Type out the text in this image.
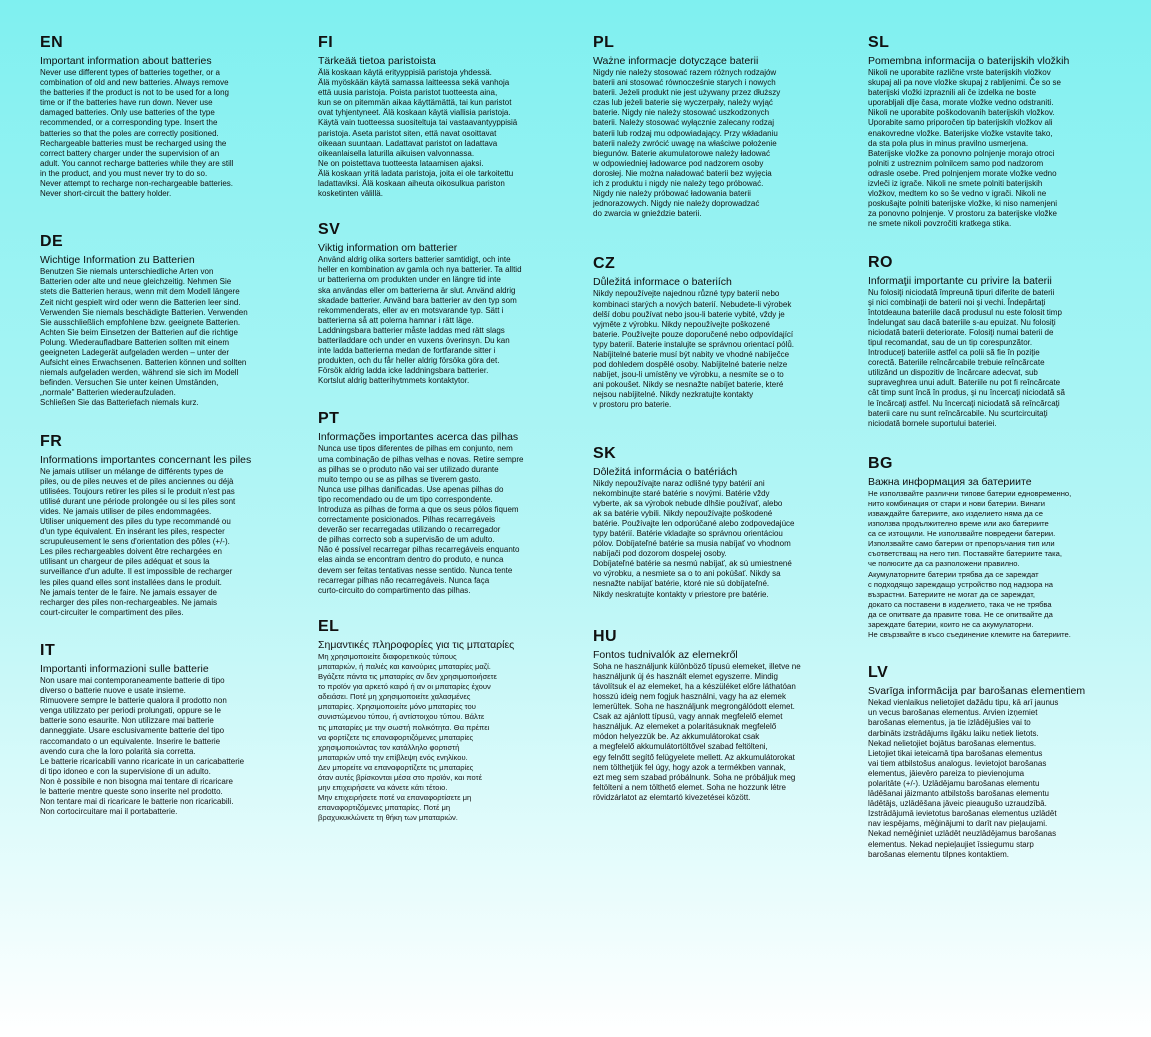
EN
Important information about batteries

Never use different types of batteries together, or a
combination of old and new batteries. Always remove
the batteries if the product is not to be used for a long
time or if the batteries have run down. Never use
damaged batteries. Only use batteries of the type
recommended, or a corresponding type. Insert the
batteries so that the poles are correctly positioned.
Rechargeable batteries must be recharged using the
correct battery charger under the supervision of an
adult. You cannot recharge batteries while they are still
in the product, and you must never try to do so.
Never attempt to recharge non-rechargeable batteries.
Never short-circuit the battery holder.

DE
Wichtige Information zu Batterien

Benutzen Sie niemals unterschiedliche Arten von
Batterien oder alte und neue gleichzeitig. Nehmen Sie
stets die Batterien heraus, wenn mit dem Modell längere
Zeit nicht gespielt wird oder wenn die Batterien leer sind.
Verwenden Sie niemals beschädigte Batterien. Verwenden
Sie ausschließlich empfohlene bzw. geeignete Batterien.
Achten Sie beim Einsetzen der Batterien auf die richtige
Polung. Wiederaufladbare Batterien sollten mit einem
geeigneten Ladegerät aufgeladen werden – unter der
Aufsicht eines Erwachsenen. Batterien können und sollten
niemals aufgeladen werden, während sie sich im Modell
befinden. Versuchen Sie unter keinen Umständen,
„normale" Batterien wiederaufzuladen.
Schließen Sie das Batteriefach niemals kurz.

FR
Informations importantes concernant les piles

Ne jamais utiliser un mélange de différents types de
piles, ou de piles neuves et de piles anciennes ou déjà
utilisées. Toujours retirer les piles si le produit n'est pas
utilisé durant une période prolongée ou si les piles sont
vides. Ne jamais utiliser de piles endommagées.
Utiliser uniquement des piles du type recommandé ou
d'un type équivalent. En insérant les piles, respecter
scrupuleusement le sens d'orientation des pôles (+/-).
Les piles rechargeables doivent être rechargées en
utilisant un chargeur de piles adéquat et sous la
surveillance d'un adulte. Il est impossible de recharger
les piles quand elles sont installées dans le produit.
Ne jamais tenter de le faire. Ne jamais essayer de
recharger des piles non-rechargeables. Ne jamais
court-circuiter le compartiment des piles.

IT
Importanti informazioni sulle batterie

Non usare mai contemporaneamente batterie di tipo
diverso o batterie nuove e usate insieme.
Rimuovere sempre le batterie qualora il prodotto non
venga utilizzato per periodi prolungati, oppure se le
batterie sono esaurite. Non utilizzare mai batterie
danneggiate. Usare esclusivamente batterie del tipo
raccomandato o un equivalente. Inserire le batterie
avendo cura che la loro polarità sia corretta.
Le batterie ricaricabili vanno ricaricate in un caricabatterie
di tipo idoneo e con la supervisione di un adulto.
Non è possibile e non bisogna mai tentare di ricaricare
le batterie mentre queste sono inserite nel prodotto.
Non tentare mai di ricaricare le batterie non ricaricabili.
Non cortocircuitare mai il portabatterie.

FI
Tärkeää tietoa paristoista

Älä koskaan käytä erityyppisiä paristoja yhdessä.
Älä myöskään käytä samassa laitteessa sekä vanhoja
että uusia paristoja. Poista paristot tuotteesta aina,
kun se on pitemmän aikaa käyttämättä, tai kun paristot
ovat tyhjentyneet. Älä koskaan käytä viallisia paristoja.
Käytä vain tuotteessa suositeltuja tai vastaavantyyppisiä
paristoja. Aseta paristot siten, että navat osoittavat
oikeaan suuntaan. Ladattavat paristot on ladattava
oikeanlaisella laturilla aikuisen valvonnassa.
Ne on poistettava tuotteesta lataamisen ajaksi.
Älä koskaan yritä ladata paristoja, joita ei ole tarkoitettu
ladattaviksi. Älä koskaan aiheuta oikosulkua pariston
kosketinten välillä.

SV
Viktig information om batterier

Använd aldrig olika sorters batterier samtidigt, och inte
heller en kombination av gamla och nya batterier. Ta alltid
ur batterierna om produkten under en längre tid inte
ska användas eller om batterierna är slut. Använd aldrig
skadade batterier. Använd bara batterier av den typ som
rekommenderats, eller av en motsvarande typ. Sätt i
batterierna så att polerna hamnar i rätt läge.
Laddningsbara batterier måste laddas med rätt slags
batteriladdare och under en vuxens överinsyn. Du kan
inte ladda batterierna medan de fortfarande sitter i
produkten, och du får heller aldrig försöka göra det.
Försök aldrig ladda icke laddningsbara batterier.
Kortslut aldrig batterihytmmets kontaktytor.

PT
Informações importantes acerca das pilhas

Nunca use tipos diferentes de pilhas em conjunto, nem
uma combinação de pilhas velhas e novas. Retire sempre
as pilhas se o produto não vai ser utilizado durante
muito tempo ou se as pilhas se tiverem gasto.
Nunca use pilhas danificadas. Use apenas pilhas do
tipo recomendado ou de um tipo correspondente.
Introduza as pilhas de forma a que os seus pólos fiquem
correctamente posicionados. Pilhas recarregáveis
deverão ser recarregadas utilizando o recarregador
de pilhas correcto sob a supervisão de um adulto.
Não é possível recarregar pilhas recarregáveis enquanto
elas ainda se encontram dentro do produto, e nunca
devem ser feitas tentativas nesse sentido. Nunca tente
recarregar pilhas não recarregáveis. Nunca faça
curto-circuito do compartimento das pilhas.

EL
Σημαντικές πληροφορίες για τις μπαταρίες

Μη χρησιμοποιείτε διαφορετικούς τύπους
μπαταριών, ή παλιές και καινούριες μπαταρίες μαζί.
Βγάζετε πάντα τις μπαταρίες αν δεν χρησιμοποιήσετε
το προϊόν για αρκετό καιρό ή αν οι μπαταρίες έχουν
αδειάσει. Ποτέ μη χρησιμοποιείτε χαλασμένες
μπαταρίες. Χρησιμοποιείτε μόνο μπαταρίες του
συνιστώμενου τύπου, ή αντίστοιχου τύπου. Βάλτε
τις μπαταρίες με την σωστή πολικότητα. Θα πρέπει
να φορτίζετε τις επαναφορτιζόμενες μπαταρίες
χρησιμοποιώντας τον κατάλληλο φορτιστή
μπαταριών υπό την επίβλεψη ενός ενηλίκου.
Δεν μπορείτε να επαναφορτίζετε τις μπαταρίες
όταν αυτές βρίσκονται μέσα στο προϊόν, και ποτέ
μην επιχειρήσετε να κάνετε κάτι τέτοιο.
Μην επιχειρήσετε ποτέ να επαναφορτίσετε μη
επαναφορτιζόμενες μπαταρίες. Ποτέ μη
βραχυκυκλώνετε τη θήκη των μπαταριών.

PL
Ważne informacje dotyczące baterii

Nigdy nie należy stosować razem różnych rodzajów
baterii ani stosować równocześnie starych i nowych
baterii. Jeżeli produkt nie jest używany przez dłuższy
czas lub jeżeli baterie się wyczerpały, należy wyjąć
baterie. Nigdy nie należy stosować uszkodzonych
baterii. Należy stosować wyłącznie zalecany rodzaj
baterii lub rodzaj mu odpowiadający. Przy wkładaniu
baterii należy zwrócić uwagę na właściwe położenie
biegunów. Baterie akumulatorowe należy ładować
w odpowiedniej ładowarce pod nadzorem osoby
dorosłej. Nie można naładować baterii bez wyjęcia
ich z produktu i nigdy nie należy tego próbować.
Nigdy nie należy próbować ładowania baterii
jednorazowych. Nigdy nie należy doprowadzać
do zwarcia w gnieździe baterii.

CZ
Důležitá informace o bateriích

Nikdy nepoužívejte najednou různé typy baterií nebo
kombinaci starých a nových baterií. Nebudete-li výrobek
delší dobu používat nebo jsou-li baterie vybité, vždy je
vyjměte z výrobku. Nikdy nepoužívejte poškozené
baterie. Používejte pouze doporučené nebo odpovídající
typy baterií. Baterie instalujte se správnou orientací pólů.
Nabíjitelné baterie musí být nabity ve vhodné nabíječce
pod dohledem dospělé osoby. Nabíjitelné baterie nelze
nabíjet, jsou-li umístěny ve výrobku, a nesmíte se o to
ani pokoušet. Nikdy se nesnažte nabíjet baterie, které
nejsou nabíjitelné. Nikdy nezkratujte kontakty
v prostoru pro baterie.

SK
Dôležitá informácia o batériách

Nikdy nepoužívajte naraz odlišné typy batérií ani
nekombinujte staré batérie s novými. Batérie vždy
vyberte, ak sa výrobok nebude dlhšie používať, alebo
ak sa batérie vybili. Nikdy nepoužívajte poškodené
batérie. Používajte len odporúčané alebo zodpovedajúce
typy batérií. Batérie vkladajte so správnou orientáciou
pólov. Dobíjateľné batérie sa musia nabíjať vo vhodnom
nabíjači pod dozorom dospelej osoby.
Dobíjateľné batérie sa nesmú nabíjať, ak sú umiestnené
vo výrobku, a nesmiete sa o to ani pokúšať. Nikdy sa
nesnažte nabíjať batérie, ktoré nie sú dobíjateľné.
Nikdy neskratujte kontakty v priestore pre batérie.

HU
Fontos tudnivalók az elemekről

Soha ne használjunk különböző típusú elemeket, illetve ne
használjunk új és használt elemet egyszerre. Mindig
távolítsuk el az elemeket, ha a készüléket előre láthatóan
hosszú ideig nem fogjuk használni, vagy ha az elemek
lemerültek. Soha ne használjunk megrongálódott elemet.
Csak az ajánlott típusú, vagy annak megfelelő elemet
használjuk. Az elemeket a polaritásuknak megfelelő
módon helyezzük be. Az akkumulátorokat csak
a megfelelő akkumulátortöltővel szabad feltölteni,
egy felnőtt segítő felügyelete mellett. Az akkumulátorokat
nem tölthetjük fel úgy, hogy azok a termékben vannak,
ezt meg sem szabad próbálnunk. Soha ne próbáljuk meg
feltölteni a nem tölthető elemet. Soha ne hozzunk létre
rövidzárlatot az elemtartó kivezetései között.

SL
Pomembna informacija o baterijskih vložkih

Nikoli ne uporabite različne vrste baterijskih vložkov
skupaj ali pa nove vložke skupaj z rabljenimi. Če so se
baterijski vložki izpraznili ali če izdelka ne boste
uporabljali dlje časa, morate vložke vedno odstraniti.
Nikoli ne uporabite poškodovanih baterijskih vložkov.
Uporabite samo priporočen tip baterijskih vložkov ali
enakovredne vložke. Baterijske vložke vstavite tako,
da sta pola plus in minus pravilno usmerjena.
Baterijske vložke za ponovno polnjenje morajo otroci
polniti z ustreznim polnilcem samo pod nadzorom
odrasle osebe. Pred polnjenjem morate vložke vedno
izvleči iz igrače. Nikoli ne smete polniti baterijskih
vložkov, medtem ko so še vedno v igrači. Nikoli ne
poskušajte polniti baterijske vložke, ki niso namenjeni
za ponovno polnjenje. V prostoru za baterijske vložke
ne smete nikoli povzročiti kratkega stika.

RO
Informaţii importante cu privire la baterii

Nu folosiţi niciodată împreună tipuri diferite de baterii
şi nici combinaţii de baterii noi şi vechi. Îndepărtaţi
întotdeauna bateriile dacă produsul nu este folosit timp
îndelungat sau dacă bateriile s-au epuizat. Nu folosiţi
niciodată baterii deteriorate. Folosiţi numai baterii de
tipul recomandat, sau de un tip corespunzător.
Introduceţi bateriile astfel ca polii să fie în poziţie
corectă. Bateriile reîncărcabile trebuie reîncărcate
utilizând un dispozitiv de încărcare adecvat, sub
supraveghrea unui adult. Bateriile nu pot fi reîncărcate
cât timp sunt încă în produs, şi nu încercaţi niciodată să
le încărcaţi astfel. Nu încercaţi niciodată să reîncărcaţi
baterii care nu sunt reîncărcabile. Nu scurtcircuitaţi
niciodată bornele suportului bateriei.

BG
Важна информация за батериите

Не използвайте различни типове батерии едновременно,
нито комбинация от стари и нови батерии. Винаги
изваждайте батериите, ако изделието няма да се
използва продължително време или ако батериите
са се изтощили. Не използвайте повредени батерии.
Използвайте само батерии от препоръчания тип или
съответстващ на него тип. Поставяйте батериите така,
че полюсите да са разположени правилно.
Акумулаторните батерии трябва да се зареждат
с подходящо зареждащо устройство под надзора на
възрастни. Батериите не могат да се зареждат,
докато са поставени в изделието, така че не трябва
да се опитвате да правите това. Не се опитвайте да
зареждате батерии, които не са акумулаторни.
Не свързвайте в късо съединение клемите на батериите.

LV
Svarīga informācija par barošanas elementiem

Nekad vienlaikus nelietojiet dažādu tipu, kā arī jaunus
un vecus barošanas elementus. Arvien izņemiet
barošanas elementus, ja tie izlādējušies vai to
darbināts izstrādājums ilgāku laiku netiek lietots.
Nekad nelietojiet bojātus barošanas elementus.
Lietojiet tikai ieteicamā tipa barošanas elementus
vai tiem atbilstošus analogus. Ievietojot barošanas
elementus, jāievēro pareiza to pievienojuma
polaritāte (+/-). Uzlādējamu barošanas elementu
lādēšanai jāizmanto atbilstošs barošanas elementu
lādētājs, uzlādēšana jāveic pieaugušo uzraudzībā.
Izstrādājumā ievietotus barošanas elementus uzlādēt
nav iespējams, mēģinājumi to darīt nav pieļaujami.
Nekad nemēģiniet uzlādēt neuzlādējamus barošanas
elementus. Nekad nepieļaujiet īssiegumu starp
barošanas elementu tilpnes kontaktiem.
